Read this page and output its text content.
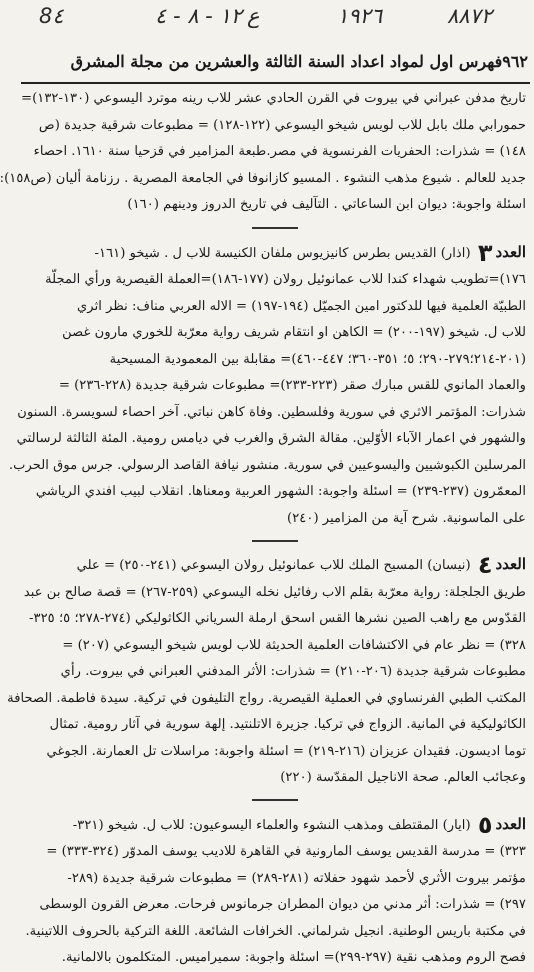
8٤	١٢ - ٨ - ٤ ع	١٩٢٦	٨٨٧٢
٩٦٢
فهرس اول لمواد اعداد السنة الثالثة والعشرين من مجلة المشرق

تاريخ مدفن عبراني في بيروت في القرن الحادي عشر للاب رينه موترد اليسوعي (١٣٠-١٣٢)=

حمورابي ملك بابل للاب لويس شيخو اليسوعي (١٢٢-١٢٨) = مطبوعات شرقية جديدة (ص

١٤٨) = شذرات: الحفريات الفرنسوية في مصر.طبعة المزامير في قزحيا سنة ١٦١٠. احصاء

جديد للعالم . شيوع مذهب النشوء . المسيو كازانوفا في الجامعة المصرية . رزنامة أليان (ص١٥٨):

اسئلة واجوبة: ديوان ابن الساعاتي . التآليف في تاريخ الدروز ودينهم (١٦٠)

العدد٣ (اذار) القديس بطرس كانيزيوس ملفان الكنيسة للاب ل . شيخو (١٦١-

١٧٦)=تطويب شهداء كندا للاب عمانوئيل رولان (١٧٧-١٨٦)=العملة القيصرية ورأي المجلّة

الطبيّة العلمية فيها للدكتور امين الجميّل (١٩٤-١٩٧) = الاله العربي مناف: نظر اثري

للاب ل. شيخو (١٩٧-٢٠٠) = الكاهن او انتقام شريف رواية معرّبة للخوري مارون غصن

(٢٠١-٢١٤؛٢٧٩-٢٩٠؛ ٥؛ ٣٥١-٣٦٠؛ ٤٤٧-٤٦٠)= مقابلة بين المعمودية المسيحية

والعماد المانوي للقس مبارك صقر (٢٢٣-٢٣٣)= مطبوعات شرقية جديدة (٢٢٨-٢٣٦) =

شذرات: المؤتمر الاثري في سورية وفلسطين. وفاة كاهن نباتي. آخر احصاء لسويسرة. السنون

والشهور في اعمار الآباء الأوّلين. مقالة الشرق والغرب في ديامس رومية. المئة الثالثة لرسالتي

المرسلين الكبوشيين واليسوعيين في سورية. منشور نيافة القاصد الرسولي. جرس موق الحرب.

المعمّرون (٢٣٧-٢٣٩) = اسئلة واجوبة: الشهور العربية ومعناها. انقلاب لبيب افندي الرياشي

على الماسونية. شرح آية من المزامير (٢٤٠)

العدد٤ (نيسان) المسيح الملك للاب عمانوئيل رولان اليسوعي (٢٤١-٢٥٠) = علي

طريق الجلجلة: رواية معرّبة بقلم الاب رفائيل نخله اليسوعي (٢٥٩-٢٦٧) = قصة صالح بن عبد

القدّوس مع راهب الصين نشرها القس اسحق ارملة السرياني الكاثوليكي (٢٧٤-٢٧٨؛ ٥؛ ٣٢٥-

٣٢٨) = نظر عام في الاكتشافات العلمية الحديثة للاب لويس شيخو اليسوعي (٢٠٧) =

مطبوعات شرقية جديدة (٢٠٦-٢١٠) = شذرات: الأثر المدفني العبراني في بيروت. رأي

المكتب الطبي الفرنساوي في العملية القيصرية. رواج التليفون في تركية. سيدة فاطمة. الصحافة

الكاثوليكية في المانية. الزواج في تركيا. جزيرة الاتلنتيد. إلهة سورية في آثار رومية. تمثال

توما اديسون. فقيدان عزيزان (٢١٦-٢١٩) = اسئلة واجوبة: مراسلات تل العمارنة. الجوغي

وعجائب العالم. صحة الاناجيل المقدّسة (٢٢٠)

العدد٥ (ايار) المقتطف ومذهب النشوء والعلماء اليسوعيون: للاب ل. شيخو (٣٢١-

٣٢٣) = مدرسة القديس يوسف المارونية في القاهرة للاديب يوسف المدوّر (٣٢٤-٣٣٣) =

مؤتمر بيروت الأثري لأحمد شهود حفلاته (٢٨١-٢٨٩) = مطبوعات شرقية جديدة (٢٨٩-

٢٩٧) = شذرات: أثر مدني من ديوان المطران جرمانوس فرحات. معرض القرون الوسطى

في مكتبة باريس الوطنية. انجيل شرلماني. الخرافات الشائعة. اللغة التركية بالحروف اللاتينية.

فصح الروم ومذهب نقية (٢٩٧-٢٩٩)= اسئلة واجوبة: سميراميس. المتكلمون بالالمانية.
